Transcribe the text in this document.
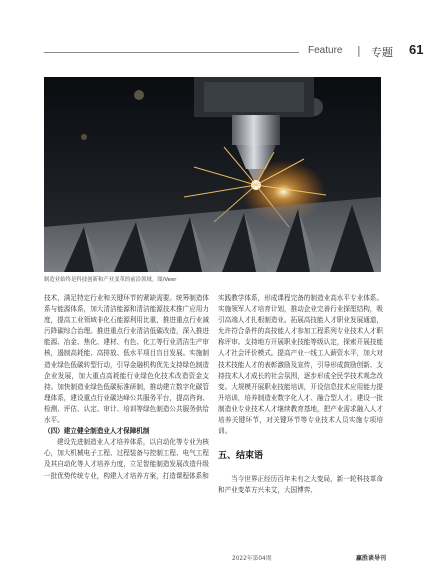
Feature | 专题 61
制造业始终是科技创新和产业变革的前沿领域。图/Veer

技术，满足特定行业和关键环节的紧缺需要。统筹制造体系与能源体系，加大清洁能源和清洁能源技术推广应用力度，提高工业领域非化石能源利用比重，推进重点行业减污降碳综合治理。推进重点行业清洁低碳改造，深入推进能源、冶金、焦化、建材、有色、化工等行业清洁生产审核，遏制高耗能、高排放、低水平项目盲目发展。实施制造业绿色低碳转型行动，引导金融机构优先支持绿色制造企业发展，加大重点高耗能行业绿色化技术改造资金支持。加快制造业绿色低碳标准研制，推动建立数字化碳管理体系，建设重点行业碳达峰公共服务平台，提高咨询、检测、评估、认定、审计、培训等绿色制造公共服务供给水平。

（四）建立健全制造业人才保障机制

建设先进制造业人才培养体系，以自动化等专业为核心，加大机械电子工程、过程装备与控制工程、电气工程及其自动化等人才培养力度，立足智能制造发展改造升级一批优势传统专业，构建人才培养方案，打造课程体系和

实践教学体系，形成课程完备的制造业高水平专业体系。实施领军人才培育计划，推动企业完善行业探厘结构，吸引高端人才扎根制造业。拓展高技能人才职业发展通道，允许符合条件的高技能人才参加工程系列专业技术人才职称评审。支持地方开展职业技能等级认定，探索开展技能人才社会评价模式。提高产业一线工人薪资水平，加大对技术技能人才的表彰激励及宣传，引导形成鼓励创新、支持技术人才成长的社会氛围，逐步形成全民学技术观念改变。大规模开展职业技能培训，开设信息技术应用能力提升培训，培养制造业数字化人才、融合型人才。建设一批制造业专业技术人才继续教育基地，把产业需求融入人才培养关键环节，对关键环节等专业技术人员实施专项培训。

五、结束语

当今世界正经历百年未有之大变局，新一轮科技革命和产业变革方兴未艾，大国博弈、

2022年第04期	赢胜谈导刊
